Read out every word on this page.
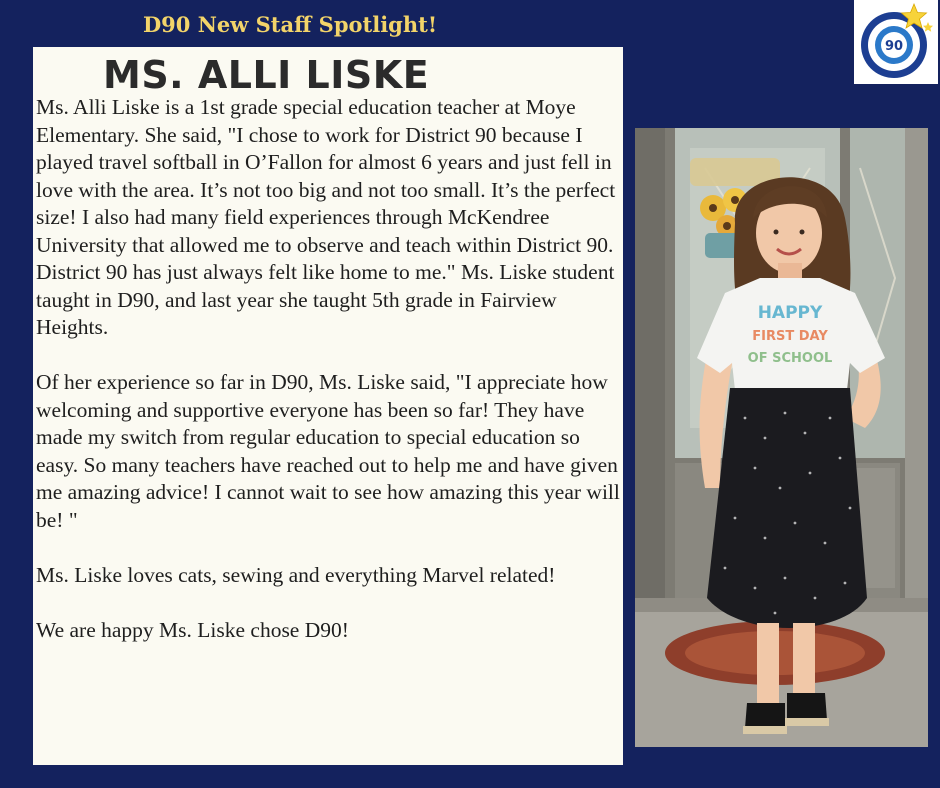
D90 New Staff Spotlight!
90
MS. ALLI LISKE

Ms. Alli Liske is a 1st grade special education teacher at Moye Elementary. She said, "I chose to work for District 90 because I played travel softball in O’Fallon for almost 6 years and just fell in love with the area. It’s not too big and not too small. It’s the perfect size! I also had many field experiences through McKendree University that allowed me to observe and teach within District 90. District 90 has just always felt like home to me." Ms. Liske student taught in D90, and last year she taught 5th grade in Fairview Heights.

Of her experience so far in D90, Ms. Liske said, "I appreciate how welcoming and supportive everyone has been so far! They have made my switch from regular education to special education so easy. So many teachers have reached out to help me and have given me amazing advice! I cannot wait to see how amazing this year will be! "

Ms. Liske loves cats, sewing and everything Marvel related!

We are happy Ms. Liske chose D90!

HAPPY
FIRST DAY
OF SCHOOL
